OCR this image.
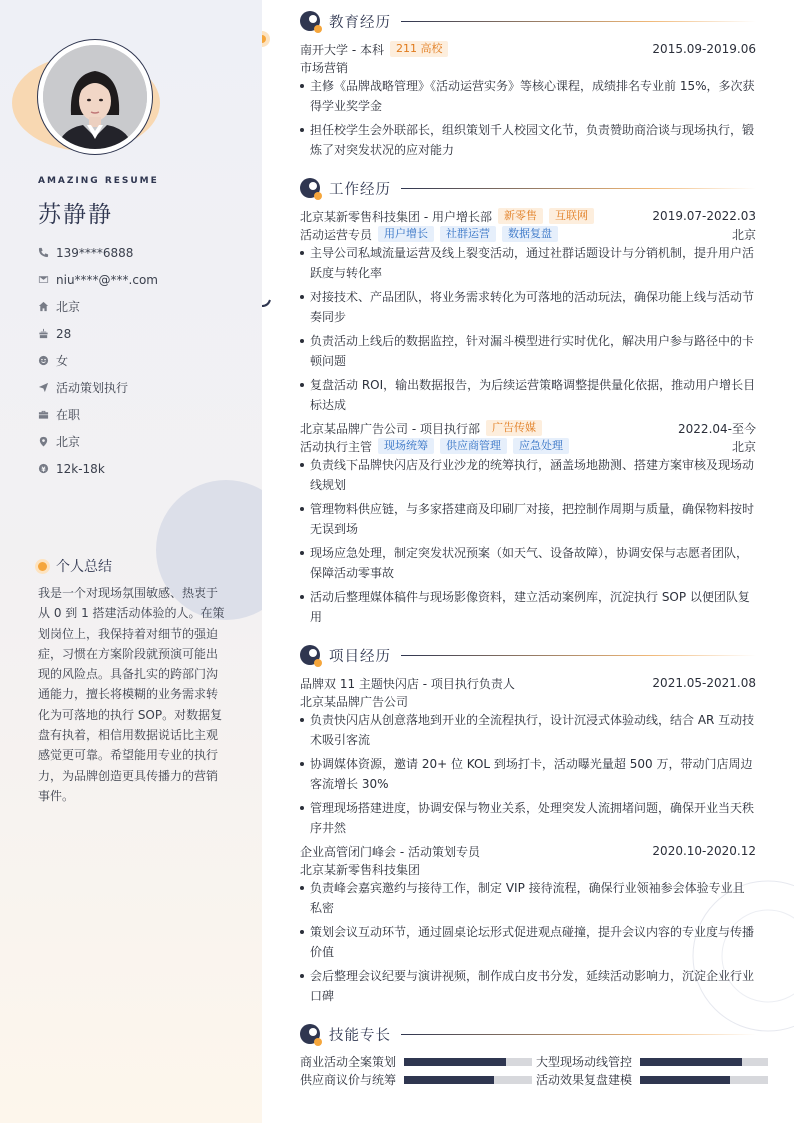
AMAZING RESUME
苏静静
139****6888
niu****@***.com
北京
28
女
活动策划执行
在职
北京
12k-18k
个人总结
我是一个对现场氛围敏感、热衷于从 0 到 1 搭建活动体验的人。在策划岗位上，我保持着对细节的强迫症，习惯在方案阶段就预演可能出现的风险点。具备扎实的跨部门沟通能力，擅长将模糊的业务需求转化为可落地的执行 SOP。对数据复盘有执着，相信用数据说话比主观感觉更可靠。希望能用专业的执行力，为品牌创造更具传播力的营销事件。
教育经历
南开大学 - 本科	211 高校	2015.09-2019.06
市场营销
主修《品牌战略管理》《活动运营实务》等核心课程，成绩排名专业前 15%，多次获得学业奖学金
担任校学生会外联部长，组织策划千人校园文化节，负责赞助商洽谈与现场执行，锻炼了对突发状况的应对能力
工作经历
北京某新零售科技集团 - 用户增长部	新零售	互联网	2019.07-2022.03
活动运营专员	用户增长	社群运营	数据复盘	北京
主导公司私域流量运营及线上裂变活动，通过社群话题设计与分销机制，提升用户活跃度与转化率
对接技术、产品团队，将业务需求转化为可落地的活动玩法，确保功能上线与活动节奏同步
负责活动上线后的数据监控，针对漏斗模型进行实时优化，解决用户参与路径中的卡顿问题
复盘活动 ROI，输出数据报告，为后续运营策略调整提供量化依据，推动用户增长目标达成
北京某品牌广告公司 - 项目执行部	广告传媒	2022.04-至今
活动执行主管	现场统筹	供应商管理	应急处理	北京
负责线下品牌快闪店及行业沙龙的统筹执行，涵盖场地勘测、搭建方案审核及现场动线规划
管理物料供应链，与多家搭建商及印刷厂对接，把控制作周期与质量，确保物料按时无误到场
现场应急处理，制定突发状况预案（如天气、设备故障），协调安保与志愿者团队，保障活动零事故
活动后整理媒体稿件与现场影像资料，建立活动案例库，沉淀执行 SOP 以便团队复用
项目经历
品牌双 11 主题快闪店 - 项目执行负责人	2021.05-2021.08
北京某品牌广告公司
负责快闪店从创意落地到开业的全流程执行，设计沉浸式体验动线，结合 AR 互动技术吸引客流
协调媒体资源，邀请 20+ 位 KOL 到场打卡，活动曝光量超 500 万，带动门店周边客流增长 30%
管理现场搭建进度，协调安保与物业关系，处理突发人流拥堵问题，确保开业当天秩序井然
企业高管闭门峰会 - 活动策划专员	2020.10-2020.12
北京某新零售科技集团
负责峰会嘉宾邀约与接待工作，制定 VIP 接待流程，确保行业领袖参会体验专业且私密
策划会议互动环节，通过圆桌论坛形式促进观点碰撞，提升会议内容的专业度与传播价值
会后整理会议纪要与演讲视频，制作成白皮书分发，延续活动影响力，沉淀企业行业口碑
技能专长
商业活动全案策划	大型现场动线管控
供应商议价与统筹	活动效果复盘建模
